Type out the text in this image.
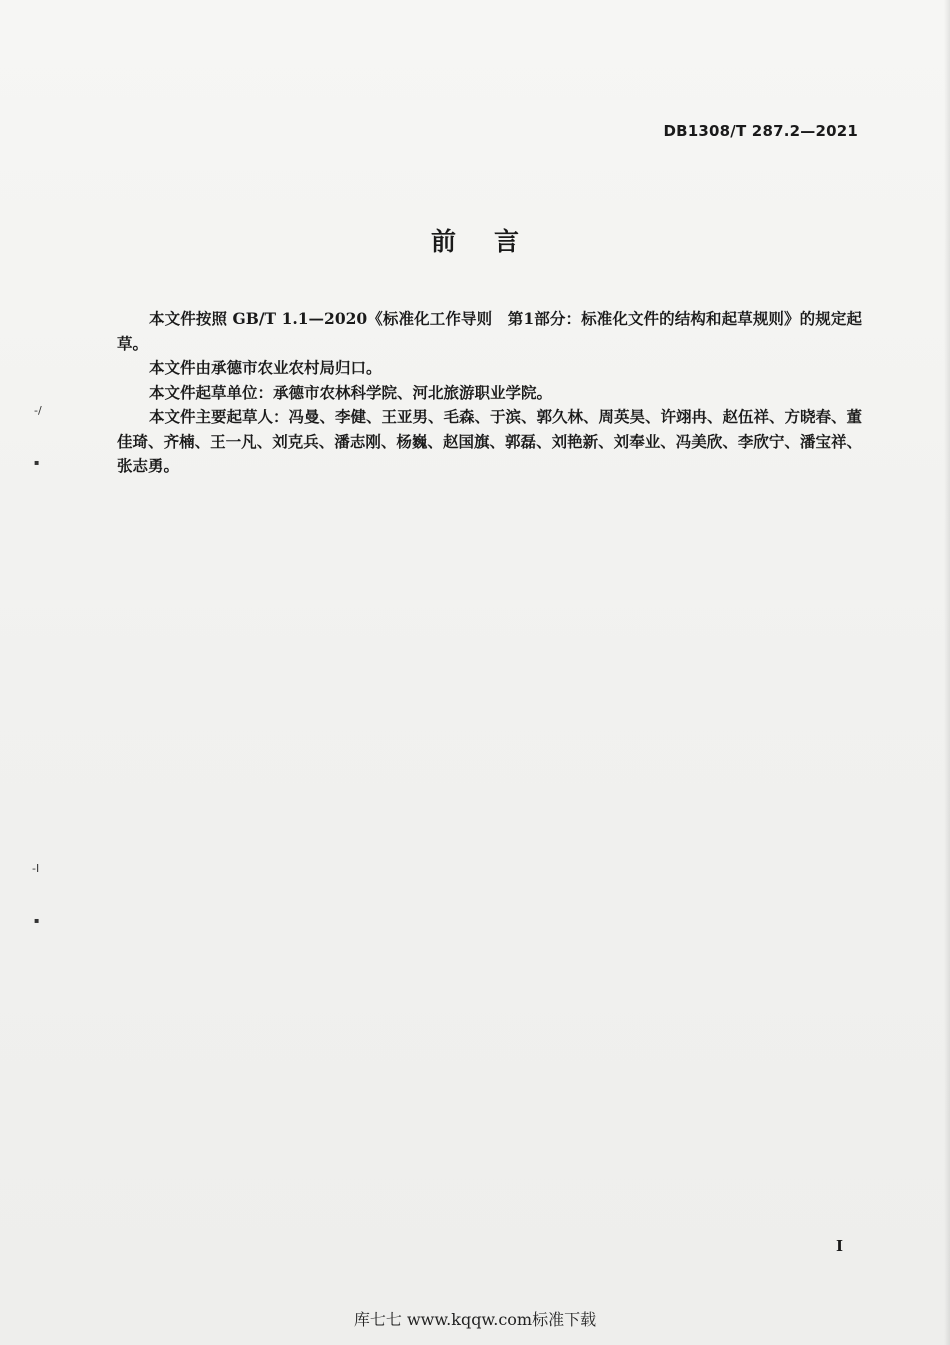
DB1308/T 287.2—2021
前言

本文件按照 GB/T 1.1—2020《标准化工作导则　第1部分：标准化文件的结构和起草规则》的规定起草。

本文件由承德市农业农村局归口。

本文件起草单位：承德市农林科学院、河北旅游职业学院。

本文件主要起草人：冯曼、李健、王亚男、毛森、于滨、郭久林、周英昊、许翊冉、赵伍祥、方晓春、董佳琦、齐楠、王一凡、刘克兵、潘志刚、杨巍、赵国旗、郭磊、刘艳新、刘奉业、冯美欣、李欣宁、潘宝祥、张志勇。

-/
▪
-I
▪
I
库七七 www.kqqw.com标准下载
